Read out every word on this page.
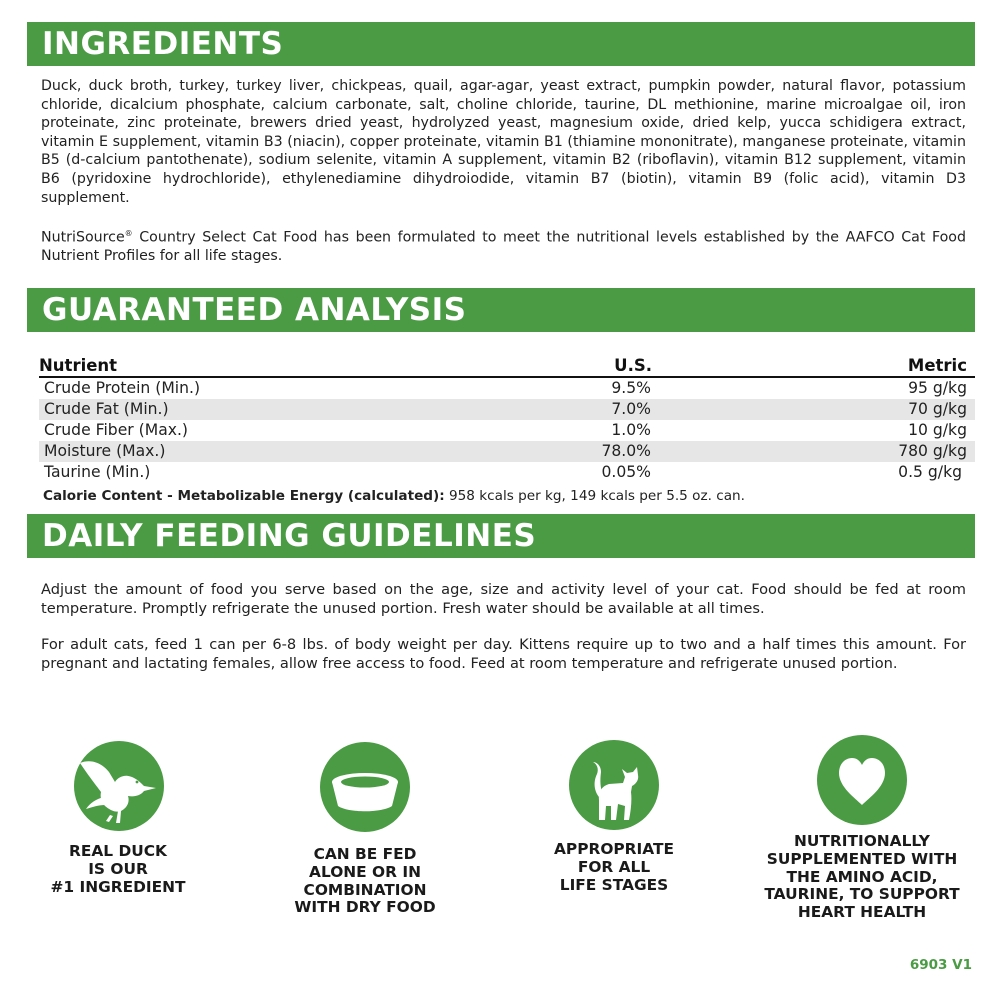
INGREDIENTS

Duck, duck broth, turkey, turkey liver, chickpeas, quail, agar-agar, yeast extract, pumpkin powder, natural flavor, potassium chloride, dicalcium phosphate, calcium carbonate, salt, choline chloride, taurine, DL methionine, marine microalgae oil, iron proteinate, zinc proteinate, brewers dried yeast, hydrolyzed yeast, magnesium oxide, dried kelp, yucca schidigera extract, vitamin E supplement, vitamin B3 (niacin), copper proteinate, vitamin B1 (thiamine mononitrate), manganese proteinate, vitamin B5 (d-calcium pantothenate), sodium selenite, vitamin A supplement, vitamin B2 (riboflavin), vitamin B12 supplement, vitamin B6 (pyridoxine hydrochloride), ethylenediamine dihydroiodide, vitamin B7 (biotin), vitamin B9 (folic acid), vitamin D3 supplement.

NutriSource® Country Select Cat Food has been formulated to meet the nutritional levels established by the AAFCO Cat Food Nutrient Profiles for all life stages.

GUARANTEED ANALYSIS
Nutrient	U.S.	Metric
Crude Protein (Min.)	9.5%	95 g/kg
Crude Fat (Min.)	7.0%	70 g/kg
Crude Fiber (Max.)	1.0%	10 g/kg
Moisture (Max.)	78.0%	780 g/kg
Taurine (Min.)	0.05%	0.5 g/kg
Calorie Content - Metabolizable Energy (calculated): 958 kcals per kg, 149 kcals per 5.5 oz. can.
DAILY FEEDING GUIDELINES

Adjust the amount of food you serve based on the age, size and activity level of your cat. Food should be fed at room temperature. Promptly refrigerate the unused portion. Fresh water should be available at all times.

For adult cats, feed 1 can per 6-8 lbs. of body weight per day. Kittens require up to two and a half times this amount. For pregnant and lactating females, allow free access to food. Feed at room temperature and refrigerate unused portion.

REAL DUCK
IS OUR
#1 INGREDIENT
CAN BE FED
ALONE OR IN
COMBINATION
WITH DRY FOOD
APPROPRIATE
FOR ALL
LIFE STAGES
NUTRITIONALLY
SUPPLEMENTED WITH
THE AMINO ACID,
TAURINE, TO SUPPORT
HEART HEALTH
6903 V1
